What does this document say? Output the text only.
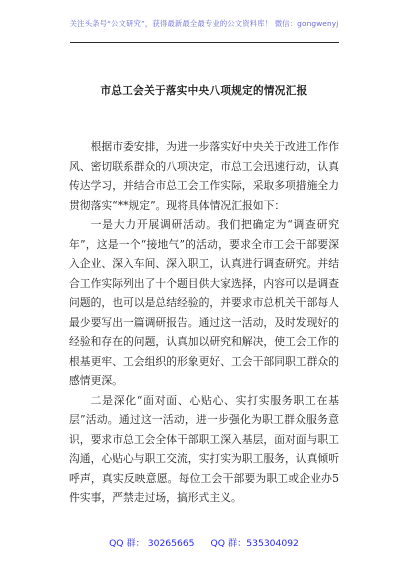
关注头条号“公文研究”，获得最新最全最专业的公文资料库！ 微信：gongwenyj
市总工会关于落实中央八项规定的情况汇报

根据市委安排，为进一步落实好中央关于改进工作作风、密切联系群众的八项决定，市总工会迅速行动，认真传达学习，并结合市总工会工作实际，采取多项措施全力贯彻落实“**规定”。现将具体情况汇报如下：

一是大力开展调研活动。我们把确定为“调查研究年”，这是一个“接地气”的活动，要求全市工会干部要深入企业、深入车间、深入职工，认真进行调查研究。并结合工作实际列出了十个题目供大家选择，内容可以是调查问题的，也可以是总结经验的，并要求市总机关干部每人最少要写出一篇调研报告。通过这一活动，及时发现好的经验和存在的问题，认真加以研究和解决，使工会工作的根基更牢、工会组织的形象更好、工会干部同职工群众的感情更深。

二是深化“面对面、心贴心、实打实服务职工在基层”活动。通过这一活动，进一步强化为职工群众服务意识，要求市总工会全体干部职工深入基层，面对面与职工沟通，心贴心与职工交流，实打实为职工服务，认真倾听呼声，真实反映意愿。每位工会干部要为职工或企业办5件实事，严禁走过场，搞形式主义。

QQ 群： 30265665 QQ 群：535304092
